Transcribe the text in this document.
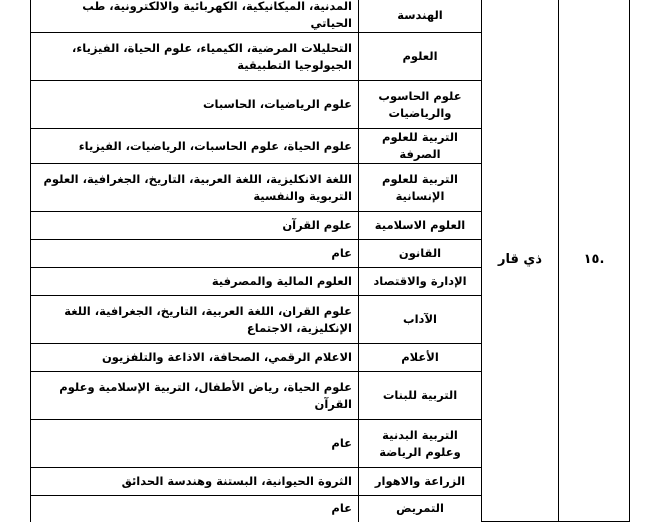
.١٥	ذي قار	الهندسة	المدنية، الميكانيكية، الكهربائية والالكترونية، طب الحياتي
		العلوم	التحليلات المرضية، الكيمياء، علوم الحياة، الفيزياء، الجيولوجيا التطبيقية
		علوم الحاسوب والرياضيات	علوم الرياضيات، الحاسبات
		التربية للعلوم الصرفة	علوم الحياة، علوم الحاسبات، الرياضيات، الفيزياء
		التربية للعلوم الإنسانية	اللغة الانكليزية، اللغة العربية، التاريخ، الجغرافية، العلوم التربوية والنفسية
		العلوم الاسلامية	علوم القرآن
		القانون	عام
		الإدارة والاقتصاد	العلوم المالية والمصرفية
		الآداب	علوم القران، اللغة العربية، التاريخ، الجغرافية، اللغة الإنكليزية، الاجتماع
		الأعلام	الاعلام الرقمي، الصحافة، الاذاعة والتلفزيون
		التربية للبنات	علوم الحياة، رياض الأطفال، التربية الإسلامية وعلوم القرآن
		التربية البدنية وعلوم الرياضة	عام
		الزراعة والاهوار	الثروة الحيوانية، البستنة وهندسة الحدائق
		التمريض	عام
